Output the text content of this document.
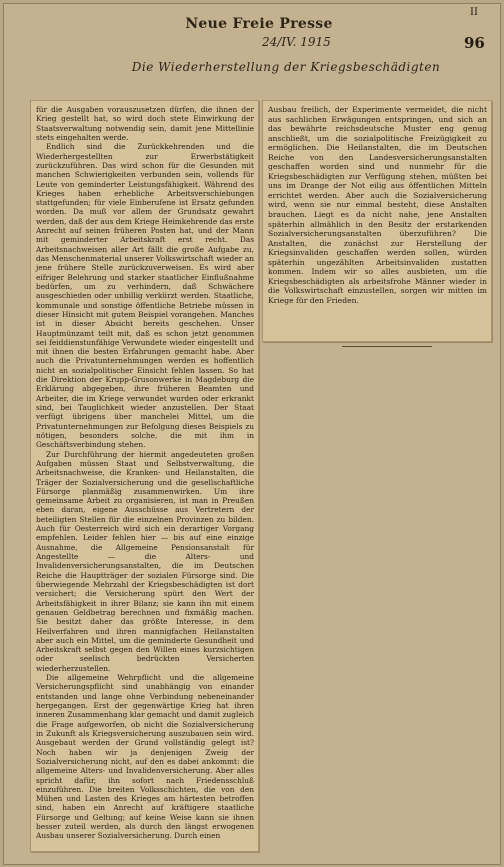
II
Neue Freie Presse
24/IV. 1915	96
Die Wiederherstellung der Kriegsbeschädigten

für die Ausgaben vorauszusetzen dürfen, die ihnen der Krieg gestellt hat, so wird doch stete Einwirkung der Staatsverwaltung notwendig sein, damit jene Mittellinie stets eingehalten werde.

Endlich sind die Zurückkehrenden und die Wiederhergestellten zur Erwerbstätigkeit zurückzuführen. Das wird schon für die Gesunden mit manchen Schwierigkeiten verbunden sein, vollends für Leute von geminderter Leistungsfähigkeit. Während des Krieges haben erhebliche Arbeitsverschiebungen stattgefunden; für viele Einberufene ist Ersatz gefunden worden. Da muß vor allem der Grundsatz gewahrt werden, daß der aus dem Kriege Heimkehrende das erste Anrecht auf seinen früheren Posten hat, und der Mann mit geminderter Arbeitskraft erst recht. Das Arbeitsnachweisen aller Art fällt die große Aufgabe zu, das Menschenmaterial unserer Volkswirtschaft wieder an jene frühere Stelle zurückzuverweisen. Es wird aber eifriger Belehrung und starker staatlicher Einflußnahme bedürfen, um zu verhindern, daß Schwächere ausgeschieden oder unbillig verkürzt werden. Staatliche, kommunale und sonstige öffentliche Betriebe müssen in dieser Hinsicht mit gutem Beispiel vorangehen. Manches ist in dieser Absicht bereits geschehen. Unser Hauptmünzamt teilt mit, daß es schon jetzt genommen sei feiddienstunfähige Verwundete wieder eingestellt und mit ihnen die besten Erfahrungen gemacht habe. Aber auch die Privatunternehmungen werden es hoffentlich nicht an sozialpolitischer Einsicht fehlen lassen. So hat die Direktion der Krupp-Grusonwerke in Magdeburg die Erklärung abgegeben, ihre früheren Beamten und Arbeiter, die im Kriege verwundet wurden oder erkrankt sind, bei Tauglichkeit wieder anzustellen. Der Staat verfügt übrigens über manchelei Mittel, um die Privatunternehmungen zur Befolgung dieses Beispiels zu nötigen, besonders solche, die mit ihm in Geschäftsverbindung stehen.

Zur Durchführung der hiermit angedeuteten großen Aufgaben müssen Staat und Selbstverwaltung, die Arbeitsnachweise, die Kranken- und Heilanstalten, die Träger der Sozialversicherung und die gesellschaftliche Fürsorge planmäßig zusammenwirken. Um ihre gemeinsame Arbeit zu organisieren, ist man in Preußen eben daran, eigene Ausschüsse aus Vertretern der beteiligten Stellen für die einzelnen Provinzen zu bilden. Auch für Oesterreich wird sich ein derartiger Vorgang empfehlen. Leider fehlen hier — bis auf eine einzige Ausnahme, die Allgemeine Pensionsanstalt für Angestellte — die Alters- und Invalidenversicherungsanstalten, die im Deutschen Reiche die Hauptträger der sozialen Fürsorge sind. Die überwiegende Mehrzahl der Kriegsbeschädigten ist dort versichert; die Versicherung spürt den Wert der Arbeitsfähigkeit in ihrer Bilanz; sie kann ihn mit einem genauen Geldbetrag berechnen und fixmäßig machen. Sie besitzt daher das größte Interesse, in dem Heilverfahren und ihren mannigfachen Heilanstalten aber auch ein Mittel, um die geminderte Gesundheit und Arbeitskraft selbst gegen den Willen eines kurzsichtigen oder seelisch bedrückten Versicherten wiederherzustellen.

Die allgemeine Wehrpflicht und die allgemeine Versicherungspflicht sind unabhängig von einander entstanden und lange ohne Verbindung nebeneinander hergegangen. Erst der gegenwärtige Krieg hat ihren inneren Zusammenhang klar gemacht und damit zugleich die Frage aufgeworfen, ob nicht die Sozialversicherung in Zukunft als Kriegsversicherung auszubauen sein wird. Ausgebaut werden der Grund vollständig gelegt ist? Noch haben wir ja denjenigen Zweig der Sozialversicherung nicht, auf den es dabei ankommt: die allgemeine Alters- und Invalidenversicherung. Aber alles spricht dafür, ihn sofort nach Friedensschluß einzuführen. Die breiten Volksschichten, die von den Mühen und Lasten des Krieges am härtesten betroffen sind, haben ein Anrecht auf kräftigere staatliche Fürsorge und Geltung; auf keine Weise kann sie ihnen besser zuteil werden, als durch den längst erwogenen Ausbau unserer Sozialversicherung. Durch einen

Ausbau freilich, der Experimente vermeidet, die nicht aus sachlichen Erwägungen entspringen, und sich an das bewährte reichsdeutsche Muster eng genug anschließt, um die sozialpolitische Freizügigkeit zu ermöglichen. Die Heilanstalten, die im Deutschen Reiche von den Landesversicherungsanstalten geschaffen worden sind und nunmehr für die Kriegsbeschädigten zur Verfügung stehen, müßten bei uns im Drange der Not eilig aus öffentlichen Mitteln errichtet werden. Aber auch die Sozialversicherung wird, wenn sie nur einmal besteht, diese Anstalten brauchen. Liegt es da nicht nahe, jene Anstalten späterhin allmählich in den Besitz der erstarkenden Sozialversicherungsanstalten überzuführen? Die Anstalten, die zunächst zur Herstellung der Kriegsinvaliden geschaffen werden sollen, würden späterhin ungezählten Arbeitsinvaliden zustatten kommen. Indem wir so alles ausbieten, um die Kriegsbeschädigten als arbeitsfrohe Männer wieder in die Volkswirtschaft einzustellen, sorgen wir mitten im Kriege für den Frieden.
